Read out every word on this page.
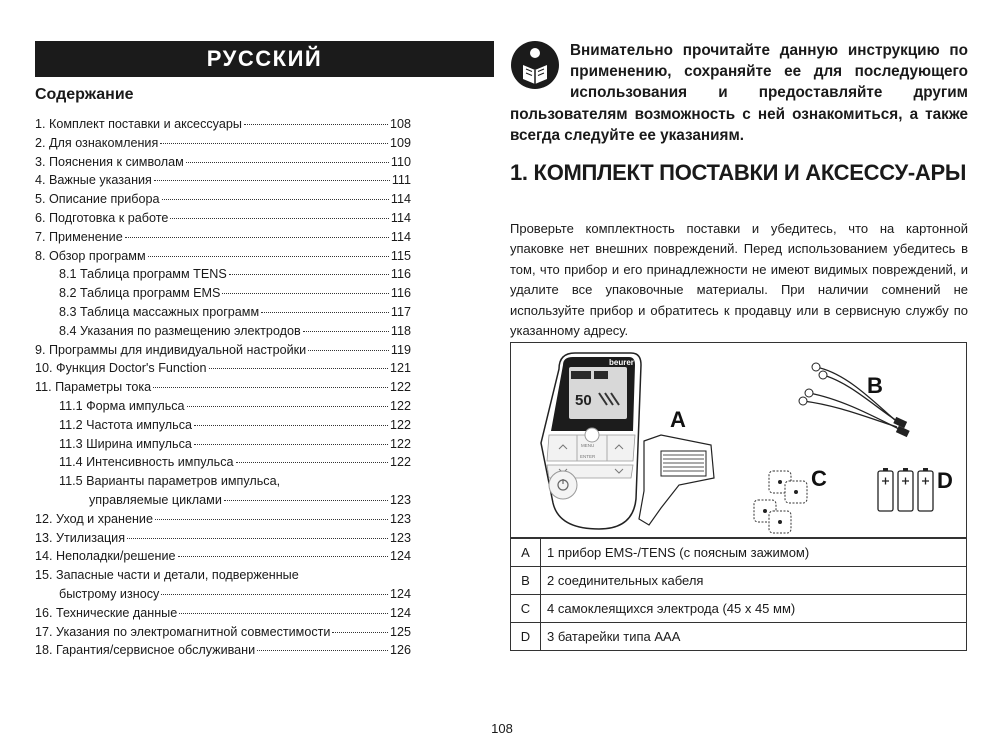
РУССКИЙ
Содержание
1. Комплект поставки и аксессуары	108
2. Для ознакомления	109
3. Пояснения к символам	110
4. Важные указания	111
5. Описание прибора	114
6. Подготовка к работе	114
7. Применение	114
8. Обзор программ	115
8.1 Таблица программ TENS	116
8.2 Таблица программ EMS	116
8.3 Таблица массажных программ	117
8.4 Указания по размещению электродов	118
9. Программы для индивидуальной настройки	119
10. Функция Doctor's Function	121
11. Параметры тока	122
11.1 Форма импульса	122
11.2 Частота импульса	122
11.3 Ширина импульса	122
11.4 Интенсивность импульса	122
11.5 Варианты параметров импульса,
управляемые циклами	123
12. Уход и хранение	123
13. Утилизация	123
14. Неполадки/решение	124
15. Запасные части и детали, подверженные
быстрому износу	124
16. Технические данные	124
17. Указания по электромагнитной совместимости	125
18. Гарантия/сервисное обслуживани	126
Внимательно прочитайте данную инструкцию по применению, сохраняйте ее для последующего использования и предоставляйте другим пользователям возможность с ней ознакомиться, а также всегда следуйте ее указаниям.
1. КОМПЛЕКТ ПОСТАВКИ И АКСЕССУ-АРЫ
Проверьте комплектность поставки и убедитесь, что на картонной упаковке нет внешних повреждений. Перед использованием убедитесь в том, что прибор и его принадлежности не имеют видимых повреждений, и удалите все упаковочные материалы. При наличии сомнений не используйте прибор и обратитесь к продавцу или в сервисную службу по указанному адресу.
50
beurer
MENU
ENTER
A
B
C	D
A	1 прибор EMS-/TENS (с поясным зажимом)
B	2 соединительных кабеля
C	4 самоклеящихся электрода (45 х 45 мм)
D	3 батарейки типа AAA
108
